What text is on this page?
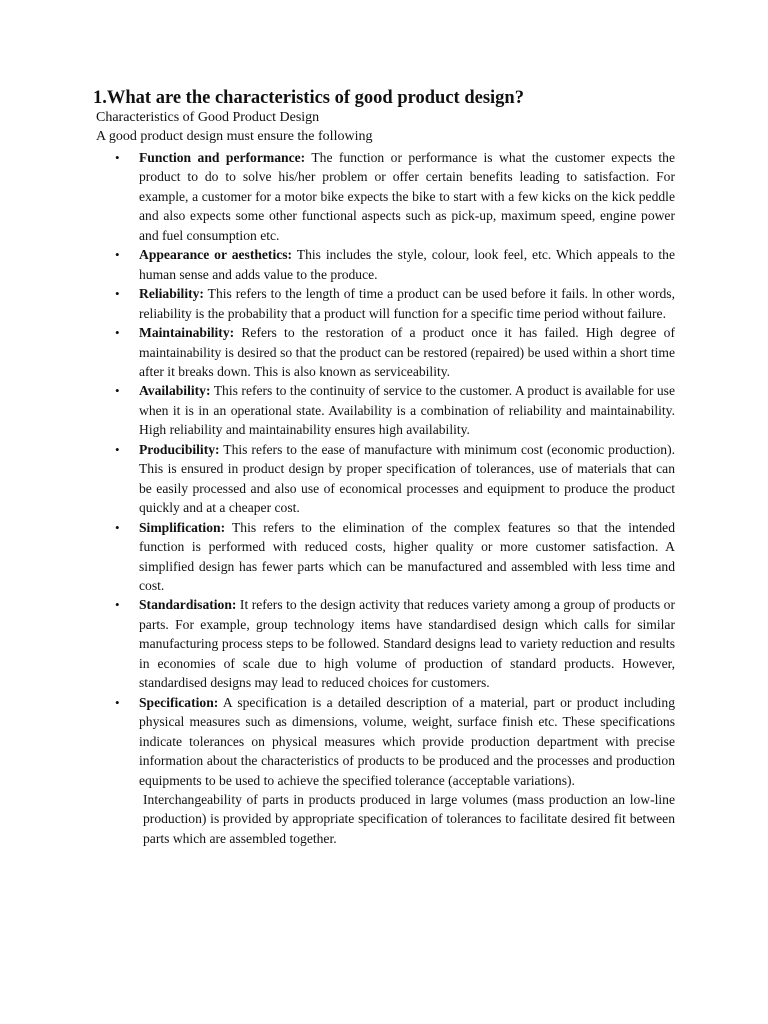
1.What are the characteristics of good product design?

Characteristics of Good Product Design

A good product design must ensure the following

• Function and performance: The function or performance is what the customer expects the product to do to solve his/her problem or offer certain benefits leading to satisfaction. For example, a customer for a motor bike expects the bike to start with a few kicks on the kick peddle and also expects some other functional aspects such as pick-up, maximum speed, engine power and fuel consumption etc.
• Appearance or aesthetics: This includes the style, colour, look feel, etc. Which appeals to the human sense and adds value to the produce.
• Reliability: This refers to the length of time a product can be used before it fails. ln other words, reliability is the probability that a product will function for a specific time period without failure.
• Maintainability: Refers to the restoration of a product once it has failed. High degree of maintainability is desired so that the product can be restored (repaired) be used within a short time after it breaks down. This is also known as serviceability.
• Availability: This refers to the continuity of service to the customer. A product is available for use when it is in an operational state. Availability is a combination of reliability and maintainability. High reliability and maintainability ensures high availability.
• Producibility: This refers to the ease of manufacture with minimum cost (economic production). This is ensured in product design by proper specification of tolerances, use of materials that can be easily processed and also use of economical processes and equipment to produce the product quickly and at a cheaper cost.
• Simplification: This refers to the elimination of the complex features so that the intended function is performed with reduced costs, higher quality or more customer satisfaction. A simplified design has fewer parts which can be manufactured and assembled with less time and cost.
• Standardisation: It refers to the design activity that reduces variety among a group of products or parts. For example, group technology items have standardised design which calls for similar manufacturing process steps to be followed. Standard designs lead to variety reduction and results in economies of scale due to high volume of production of standard products. However, standardised designs may lead to reduced choices for customers.
• Specification: A specification is a detailed description of a material, part or product including physical measures such as dimensions, volume, weight, surface finish etc. These specifications indicate tolerances on physical measures which provide production department with precise information about the characteristics of products to be produced and the processes and production equipments to be used to achieve the specified tolerance (acceptable variations).
Interchangeability of parts in products produced in large volumes (mass production an low-line production) is provided by appropriate specification of tolerances to facilitate desired fit between parts which are assembled together.
